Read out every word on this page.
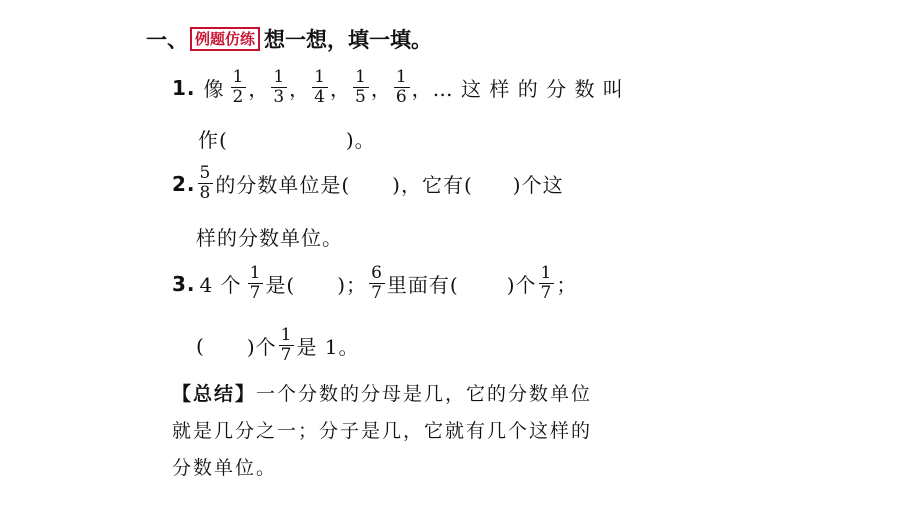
一、 例题仿练 想一想，填一填。
1. 像 $\frac{1}{2}$ ， $\frac{1}{3}$ ， $\frac{1}{4}$ ， $\frac{1}{5}$ ， $\frac{1}{6}$ ，… 这 样 的 分 数 叫
作(	)。
2. $\frac{5}{8}$ 的分数单位是( )，它有( )个这
样的分数单位。
3. 4 个 $\frac{1}{7}$ 是( )； $\frac{6}{7}$ 里面有( )个 $\frac{1}{7}$ ；
( )个 $\frac{1}{7}$ 是 1。
【总结】一个分数的分母是几，它的分数单位
就是几分之一；分子是几，它就有几个这样的
分数单位。
